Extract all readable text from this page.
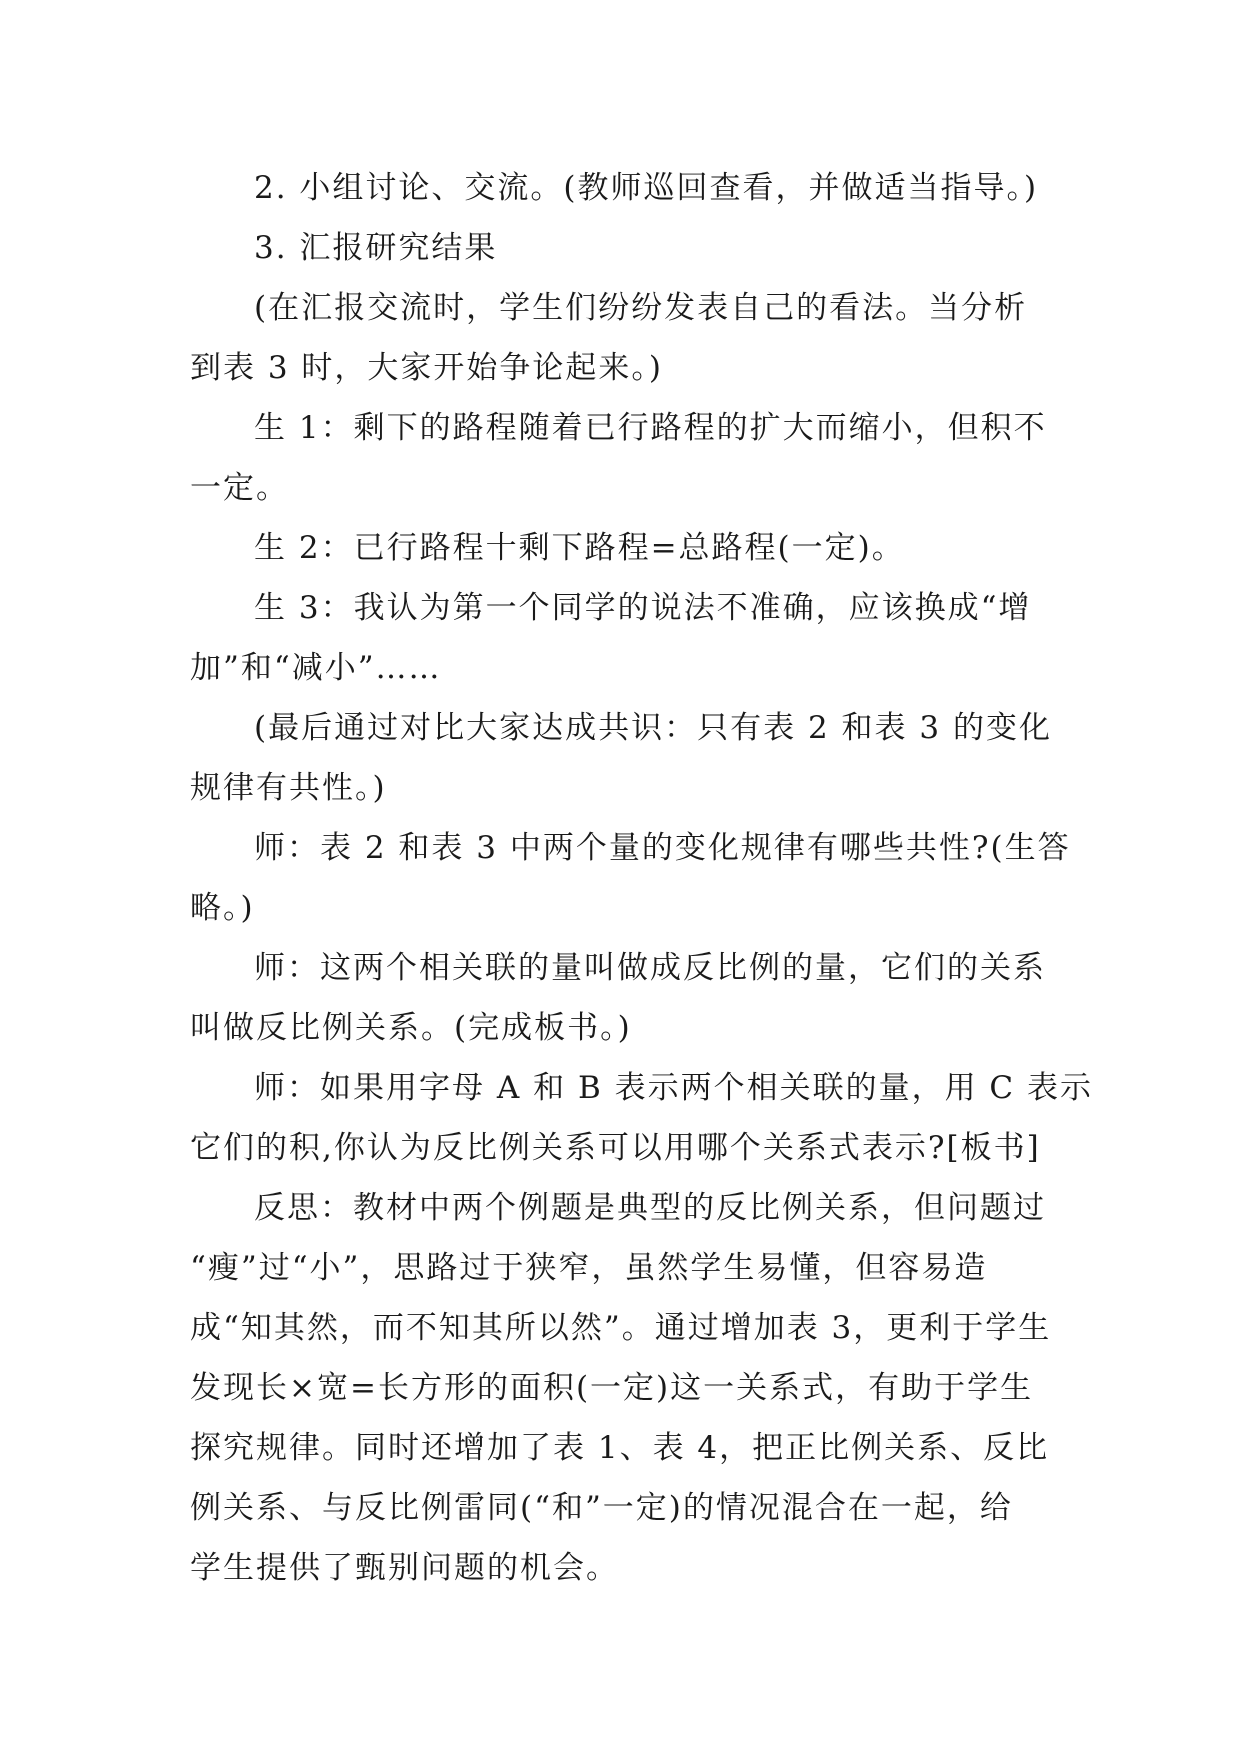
2. 小组讨论、交流。(教师巡回查看，并做适当指导。)

3. 汇报研究结果

(在汇报交流时，学生们纷纷发表自己的看法。当分析

到表 3 时，大家开始争论起来。)

生 1：剩下的路程随着已行路程的扩大而缩小，但积不

一定。

生 2：已行路程十剩下路程=总路程(一定)。

生 3：我认为第一个同学的说法不准确，应该换成“增

加”和“减小”……

(最后通过对比大家达成共识：只有表 2 和表 3 的变化

规律有共性。)

师：表 2 和表 3 中两个量的变化规律有哪些共性?(生答

略。)

师：这两个相关联的量叫做成反比例的量，它们的关系

叫做反比例关系。(完成板书。)

师：如果用字母 A 和 B 表示两个相关联的量，用 C 表示

它们的积,你认为反比例关系可以用哪个关系式表示?[板书]

反思：教材中两个例题是典型的反比例关系，但问题过

“瘦”过“小”，思路过于狭窄，虽然学生易懂，但容易造

成“知其然，而不知其所以然”。通过增加表 3，更利于学生

发现长×宽=长方形的面积(一定)这一关系式，有助于学生

探究规律。同时还增加了表 1、表 4，把正比例关系、反比

例关系、与反比例雷同(“和”一定)的情况混合在一起，给

学生提供了甄别问题的机会。
